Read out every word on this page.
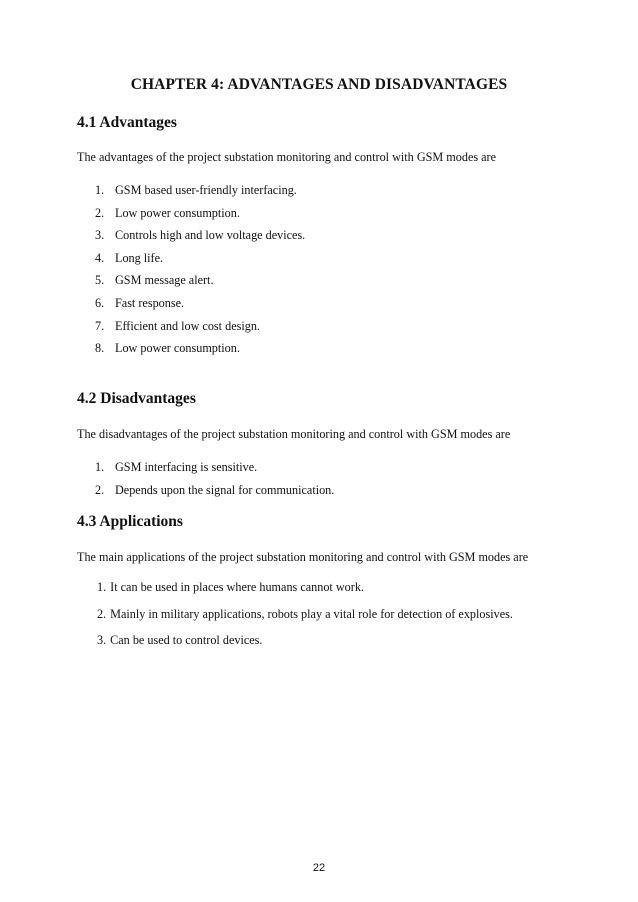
CHAPTER 4: ADVANTAGES AND DISADVANTAGES
4.1 Advantages
The advantages of the project substation monitoring and control with GSM modes are
1. GSM based user-friendly interfacing.
2. Low power consumption.
3. Controls high and low voltage devices.
4. Long life.
5. GSM message alert.
6. Fast response.
7. Efficient and low cost design.
8. Low power consumption.
4.2 Disadvantages
The disadvantages of the project substation monitoring and control with GSM modes are
1. GSM interfacing is sensitive.
2. Depends upon the signal for communication.
4.3 Applications
The main applications of the project substation monitoring and control with GSM modes are
1. It can be used in places where humans cannot work.
2. Mainly in military applications, robots play a vital role for detection of explosives.
3. Can be used to control devices.
22
